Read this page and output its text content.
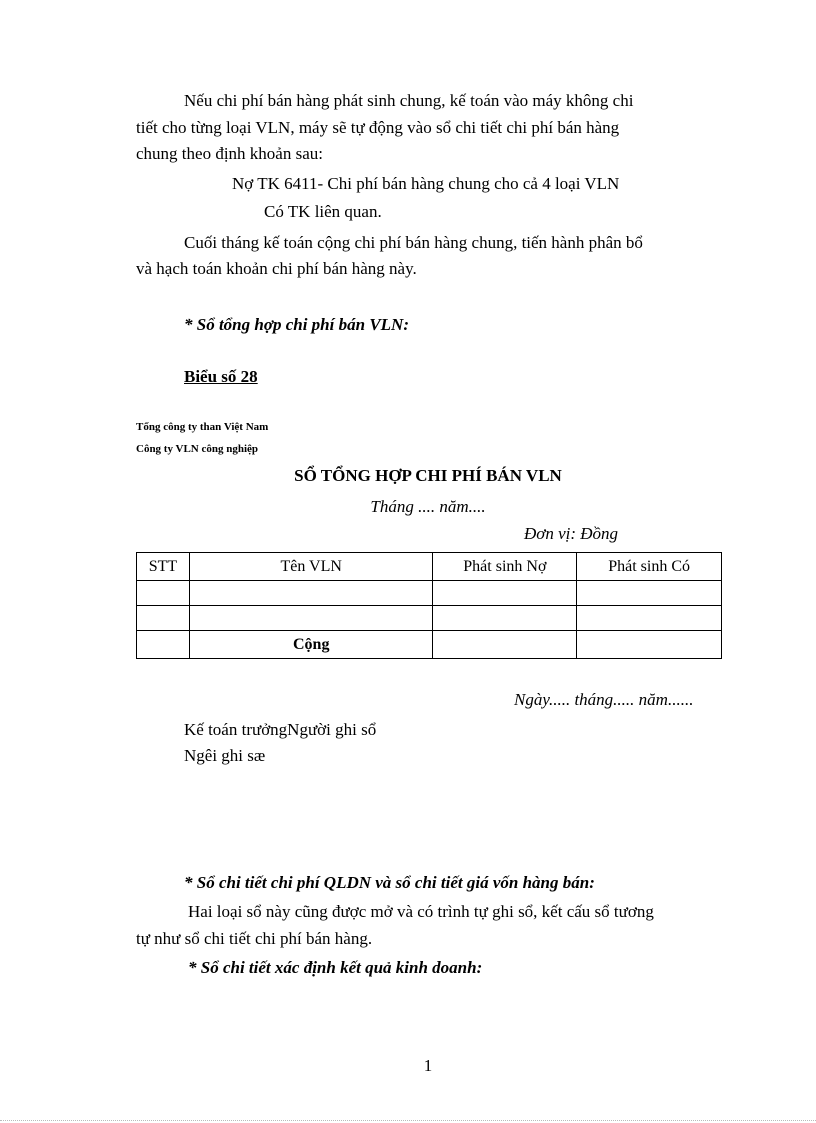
Nếu chi phí bán hàng phát sinh chung, kế toán vào máy không chi
tiết cho từng loại VLN, máy sẽ tự động vào sổ chi tiết chi phí bán hàng
chung theo định khoản sau:
Nợ TK 6411- Chi phí bán hàng chung cho cả 4 loại VLN
Có TK liên quan.
Cuối tháng kế toán cộng chi phí bán hàng chung, tiến hành phân bổ
và hạch toán khoản chi phí bán hàng này.
* Sổ tổng hợp chi phí bán VLN:
Biểu số 28
Tổng công ty than Việt Nam
Công ty VLN công nghiệp
SỔ TỔNG HỢP CHI PHÍ BÁN VLN
Tháng .... năm....
Đơn vị: Đồng
STT	Tên VLN	Phát sinh Nợ	Phát sinh Có

	Cộng		
Ngày..... tháng..... năm......
Kế toán trưởngNgười ghi sổ
Ngêi ghi sæ
* Sổ chi tiết chi phí QLDN và sổ chi tiết giá vốn hàng bán:
Hai loại sổ này cũng được mở và có trình tự ghi sổ, kết cấu sổ tương
tự như sổ chi tiết chi phí bán hàng.
* Sổ chi tiết xác định kết quả kinh doanh:
1
